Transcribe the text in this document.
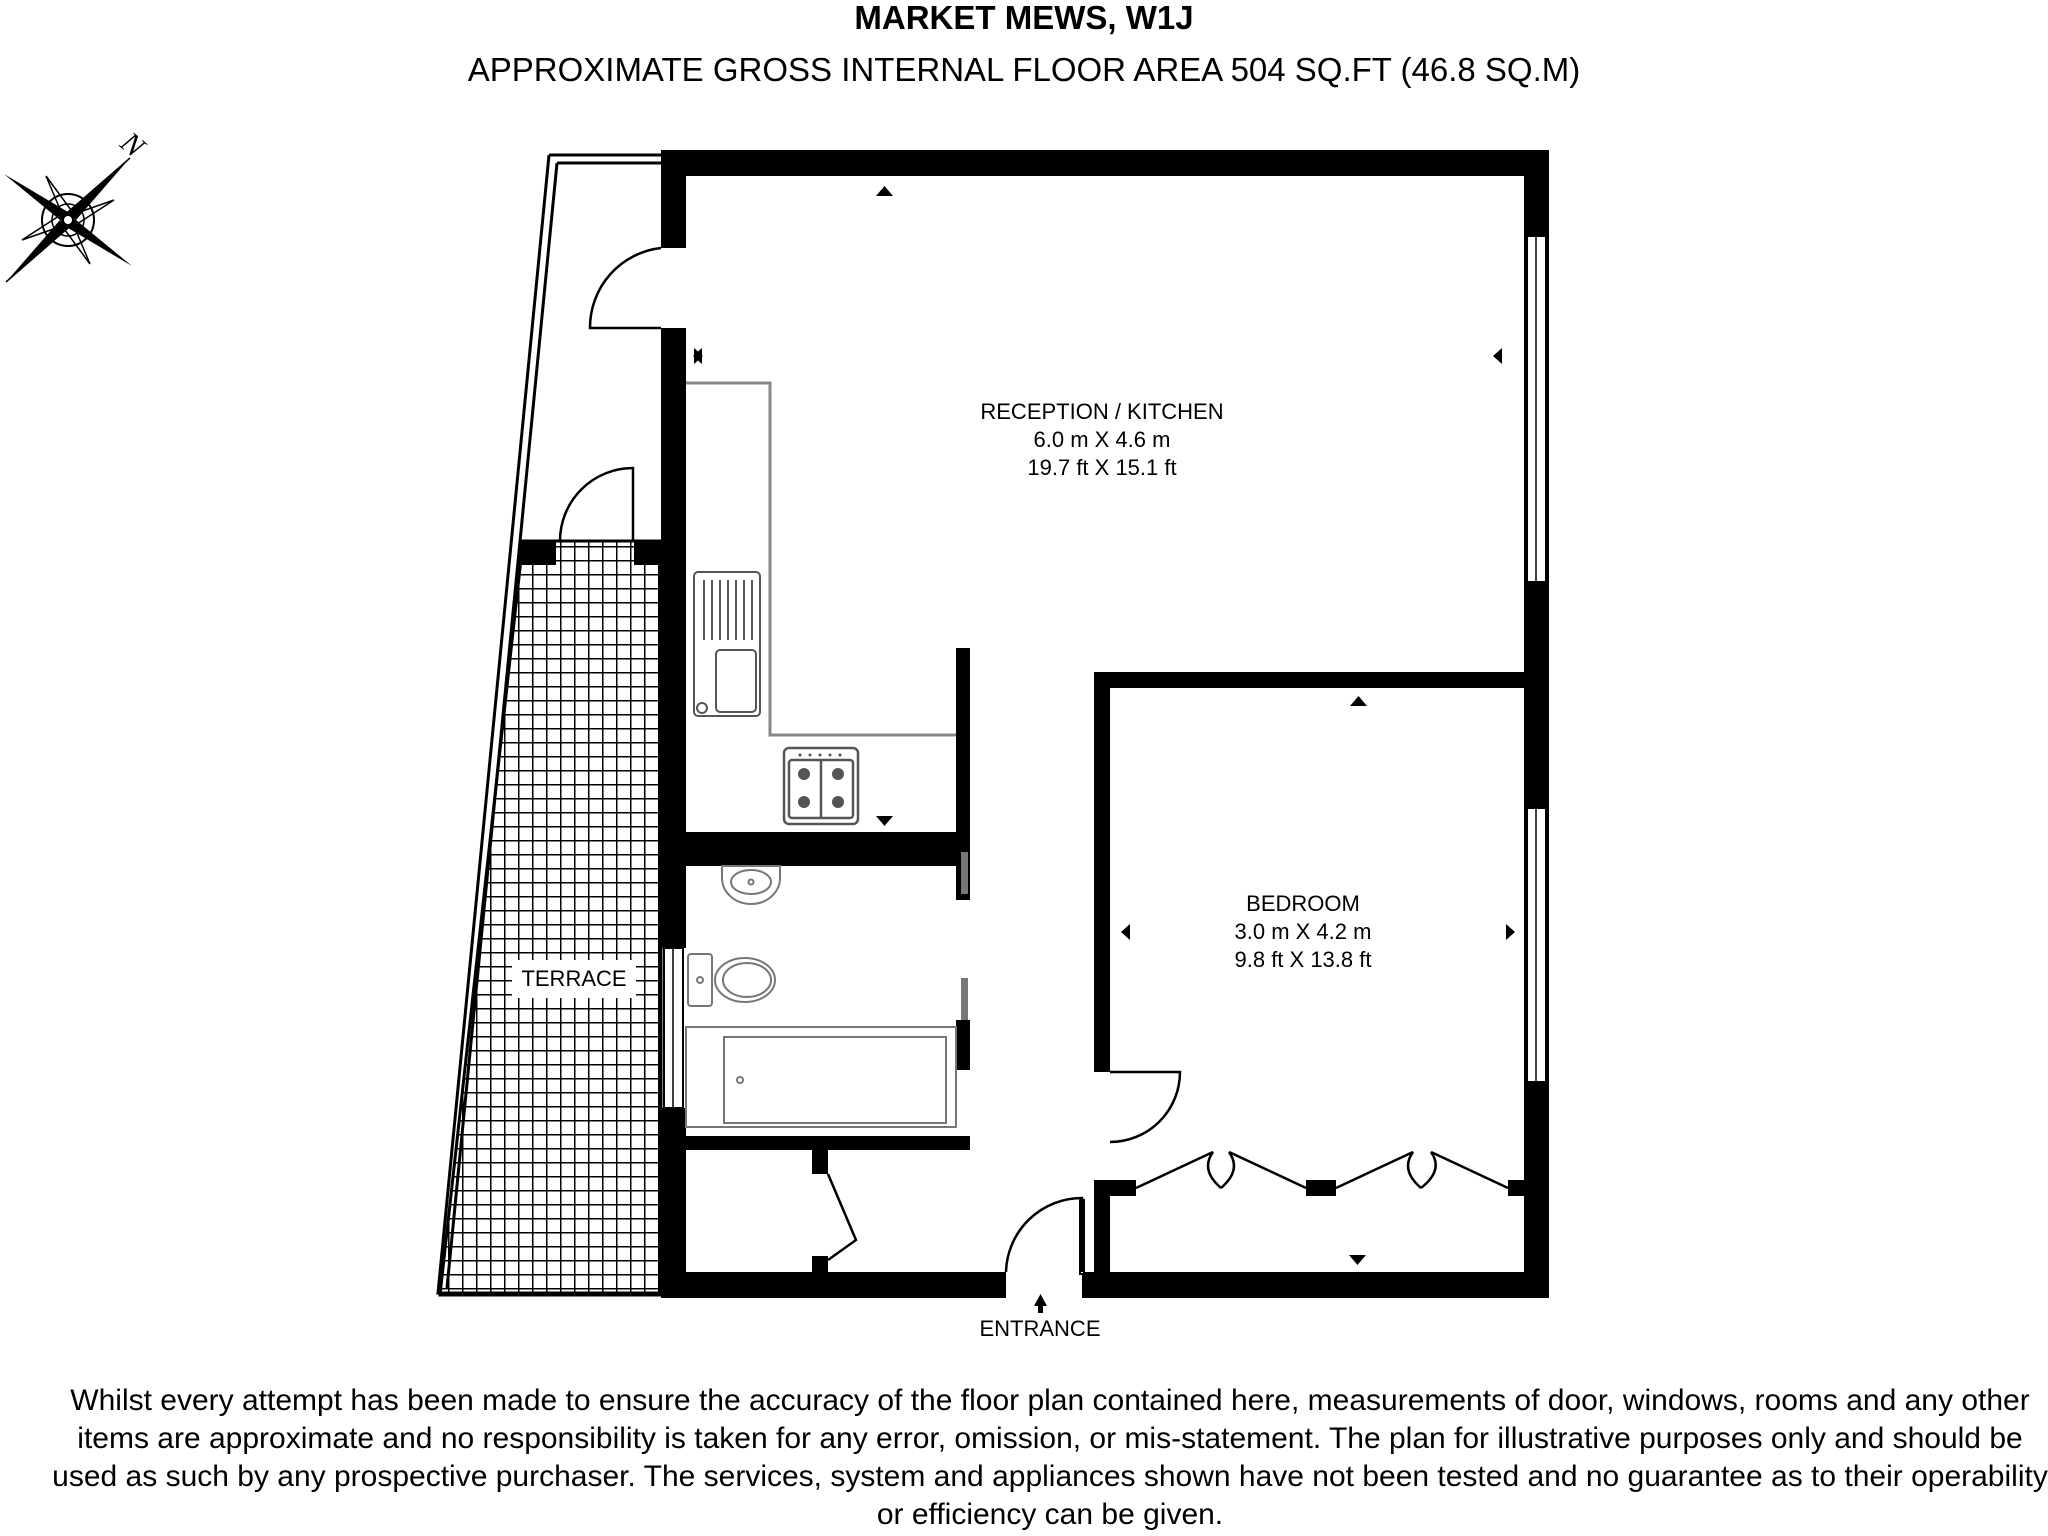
MARKET MEWS, W1J
APPROXIMATE GROSS INTERNAL FLOOR AREA 504 SQ.FT (46.8 SQ.M)
N
TERRACE
RECEPTION / KITCHEN
6.0 m X 4.6 m
19.7 ft X 15.1 ft
BEDROOM
3.0 m X 4.2 m
9.8 ft X 13.8 ft
ENTRANCE
Whilst every attempt has been made to ensure the accuracy of the floor plan contained here, measurements of door, windows, rooms and any other items are approximate and no responsibility is taken for any error, omission, or mis-statement. The plan for illustrative purposes only and should be used as such by any prospective purchaser. The services, system and appliances shown have not been tested and no guarantee as to their operability or efficiency can be given.
